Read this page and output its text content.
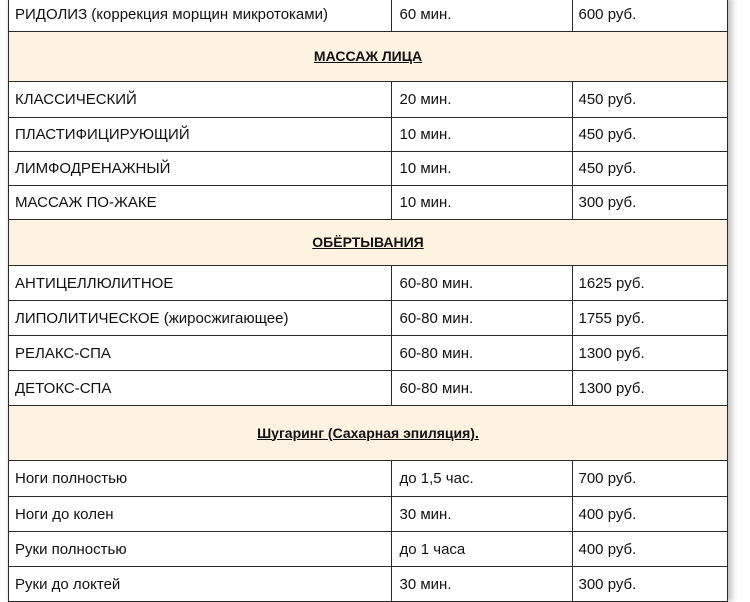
РИДОЛИЗ (коррекция морщин микротоками)	60 мин.	600 руб.
МАССАЖ ЛИЦА		
КЛАССИЧЕСКИЙ	20 мин.	450 руб.
ПЛАСТИФИЦИРУЮЩИЙ	10 мин.	450 руб.
ЛИМФОДРЕНАЖНЫЙ	10 мин.	450 руб.
МАССАЖ ПО-ЖАКЕ	10 мин.	300 руб.
ОБЁРТЫВАНИЯ		
АНТИЦЕЛЛЮЛИТНОЕ	60-80 мин.	1625 руб.
ЛИПОЛИТИЧЕСКОЕ (жиросжигающее)	60-80 мин.	1755 руб.
РЕЛАКС-СПА	60-80 мин.	1300 руб.
ДЕТОКС-СПА	60-80 мин.	1300 руб.
Шугаринг (Сахарная эпиляция).		
Ноги полностью	до 1,5 час.	700 руб.
Ноги до колен	30 мин.	400 руб.
Руки полностью	до 1 часа	400 руб.
Руки до локтей	30 мин.	300 руб.
